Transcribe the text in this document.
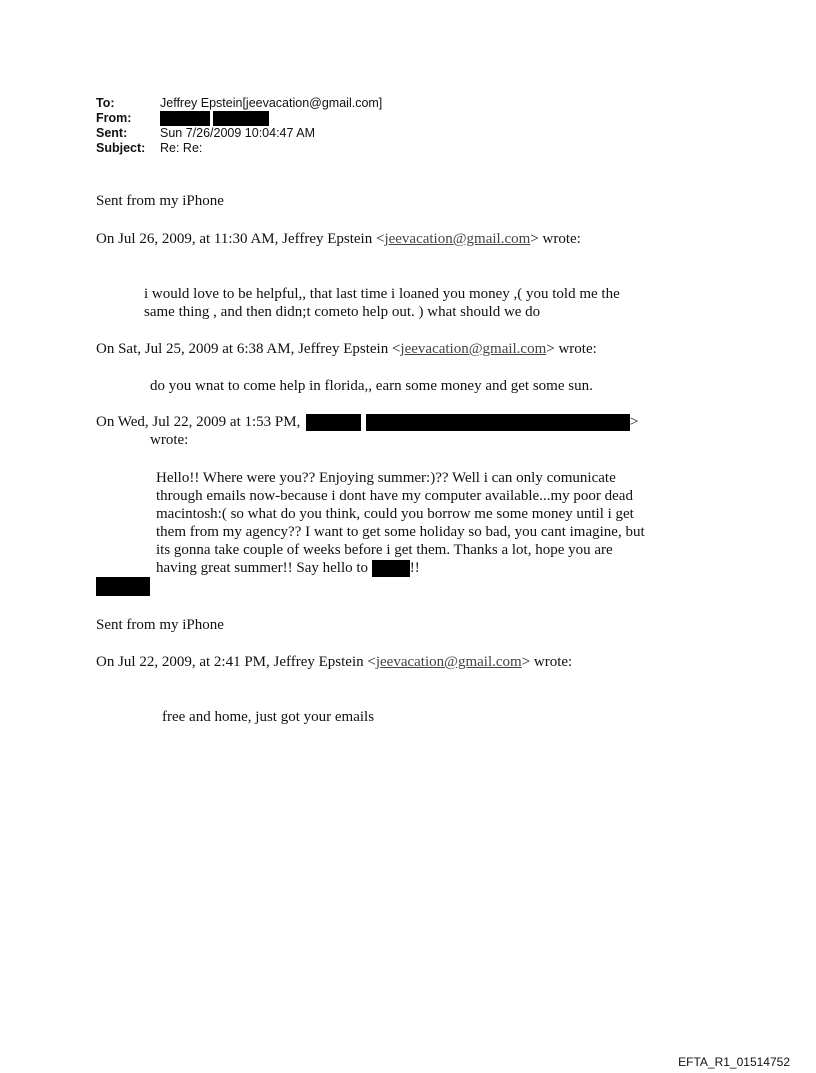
To:	Jeffrey Epstein[jeevacation@gmail.com]
From:
Sent:	Sun 7/26/2009 10:04:47 AM
Subject:	Re: Re:
Sent from my iPhone
On Jul 26, 2009, at 11:30 AM, Jeffrey Epstein <jeevacation@gmail.com> wrote:
i would love to be helpful,, that last time i loaned you money ,( you told me the
same thing , and then didn;t cometo help out. ) what should we do
On Sat, Jul 25, 2009 at 6:38 AM, Jeffrey Epstein <jeevacation@gmail.com> wrote:
do you wnat to come help in florida,, earn some money and get some sun.
On Wed, Jul 22, 2009 at 1:53 PM,	>
wrote:
Hello!! Where were you?? Enjoying summer:)?? Well i can only comunicate
through emails now-because i dont have my computer available...my poor dead
macintosh:( so what do you think, could you borrow me some money until i get
them from my agency?? I want to get some holiday so bad, you cant imagine, but
its gonna take couple of weeks before i get them. Thanks a lot, hope you are
having great summer!! Say hello to	!!
Sent from my iPhone
On Jul 22, 2009, at 2:41 PM, Jeffrey Epstein <jeevacation@gmail.com> wrote:
free and home, just got your emails
EFTA_R1_01514752
